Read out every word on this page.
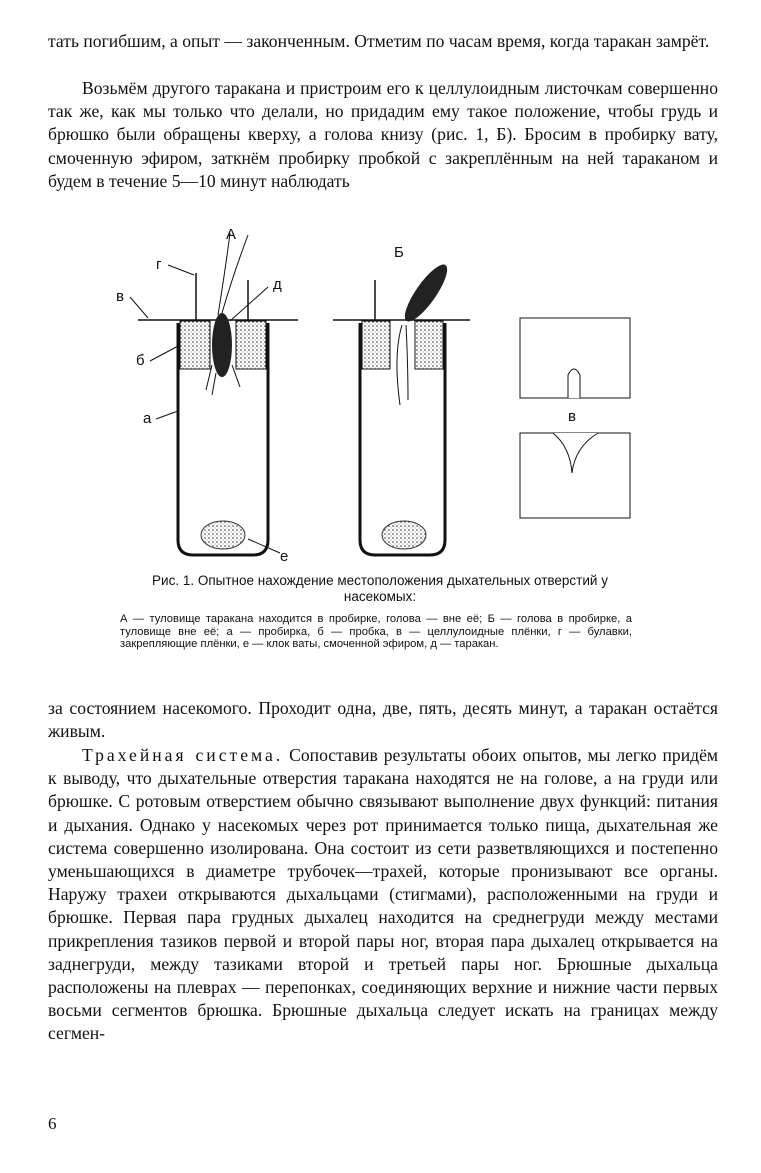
тать погибшим, а опыт — законченным. Отметим по часам время, когда таракан замрёт.

Возьмём другого таракана и пристроим его к целлулоидным листочкам совершенно так же, как мы только что делали, но придадим ему такое положение, чтобы грудь и брюшко были обращены кверху, а голова книзу (рис. 1, Б). Бросим в пробирку вату, смоченную эфиром, заткнём пробирку пробкой с закреплённым на ней тараканом и будем в течение 5—10 минут наблюдать

А
г
в
д
б
а
е
Б
в

Рис. 1. Опытное нахождение местоположения дыхательных отверстий у насекомых:

А — туловище таракана находится в пробирке, голова — вне её; Б — голова в пробирке, а туловище вне её; а — пробирка, б — пробка, в — целлулоидные плёнки, г — булавки, закрепляющие плёнки, е — клок ваты, смоченной эфиром, д — таракан.

за состоянием насекомого. Проходит одна, две, пять, десять минут, а таракан остаётся живым.

Трахейная система. Сопоставив результаты обоих опытов, мы легко придём к выводу, что дыхательные отверстия таракана находятся не на голове, а на груди или брюшке. С ротовым отверстием обычно связывают выполнение двух функций: питания и дыхания. Однако у насекомых через рот принимается только пища, дыхательная же система совершенно изолирована. Она состоит из сети разветвляющихся и постепенно уменьшающихся в диаметре трубочек—трахей, которые пронизывают все органы. Наружу трахеи открываются дыхальцами (стигмами), расположенными на груди и брюшке. Первая пара грудных дыхалец находится на среднегруди между местами прикрепления тазиков первой и второй пары ног, вторая пара дыхалец открывается на заднегруди, между тазиками второй и третьей пары ног. Брюшные дыхальца расположены на плеврах — перепонках, соединяющих верхние и нижние части первых восьми сегментов брюшка. Брюшные дыхальца следует искать на границах между сегмен-

6
